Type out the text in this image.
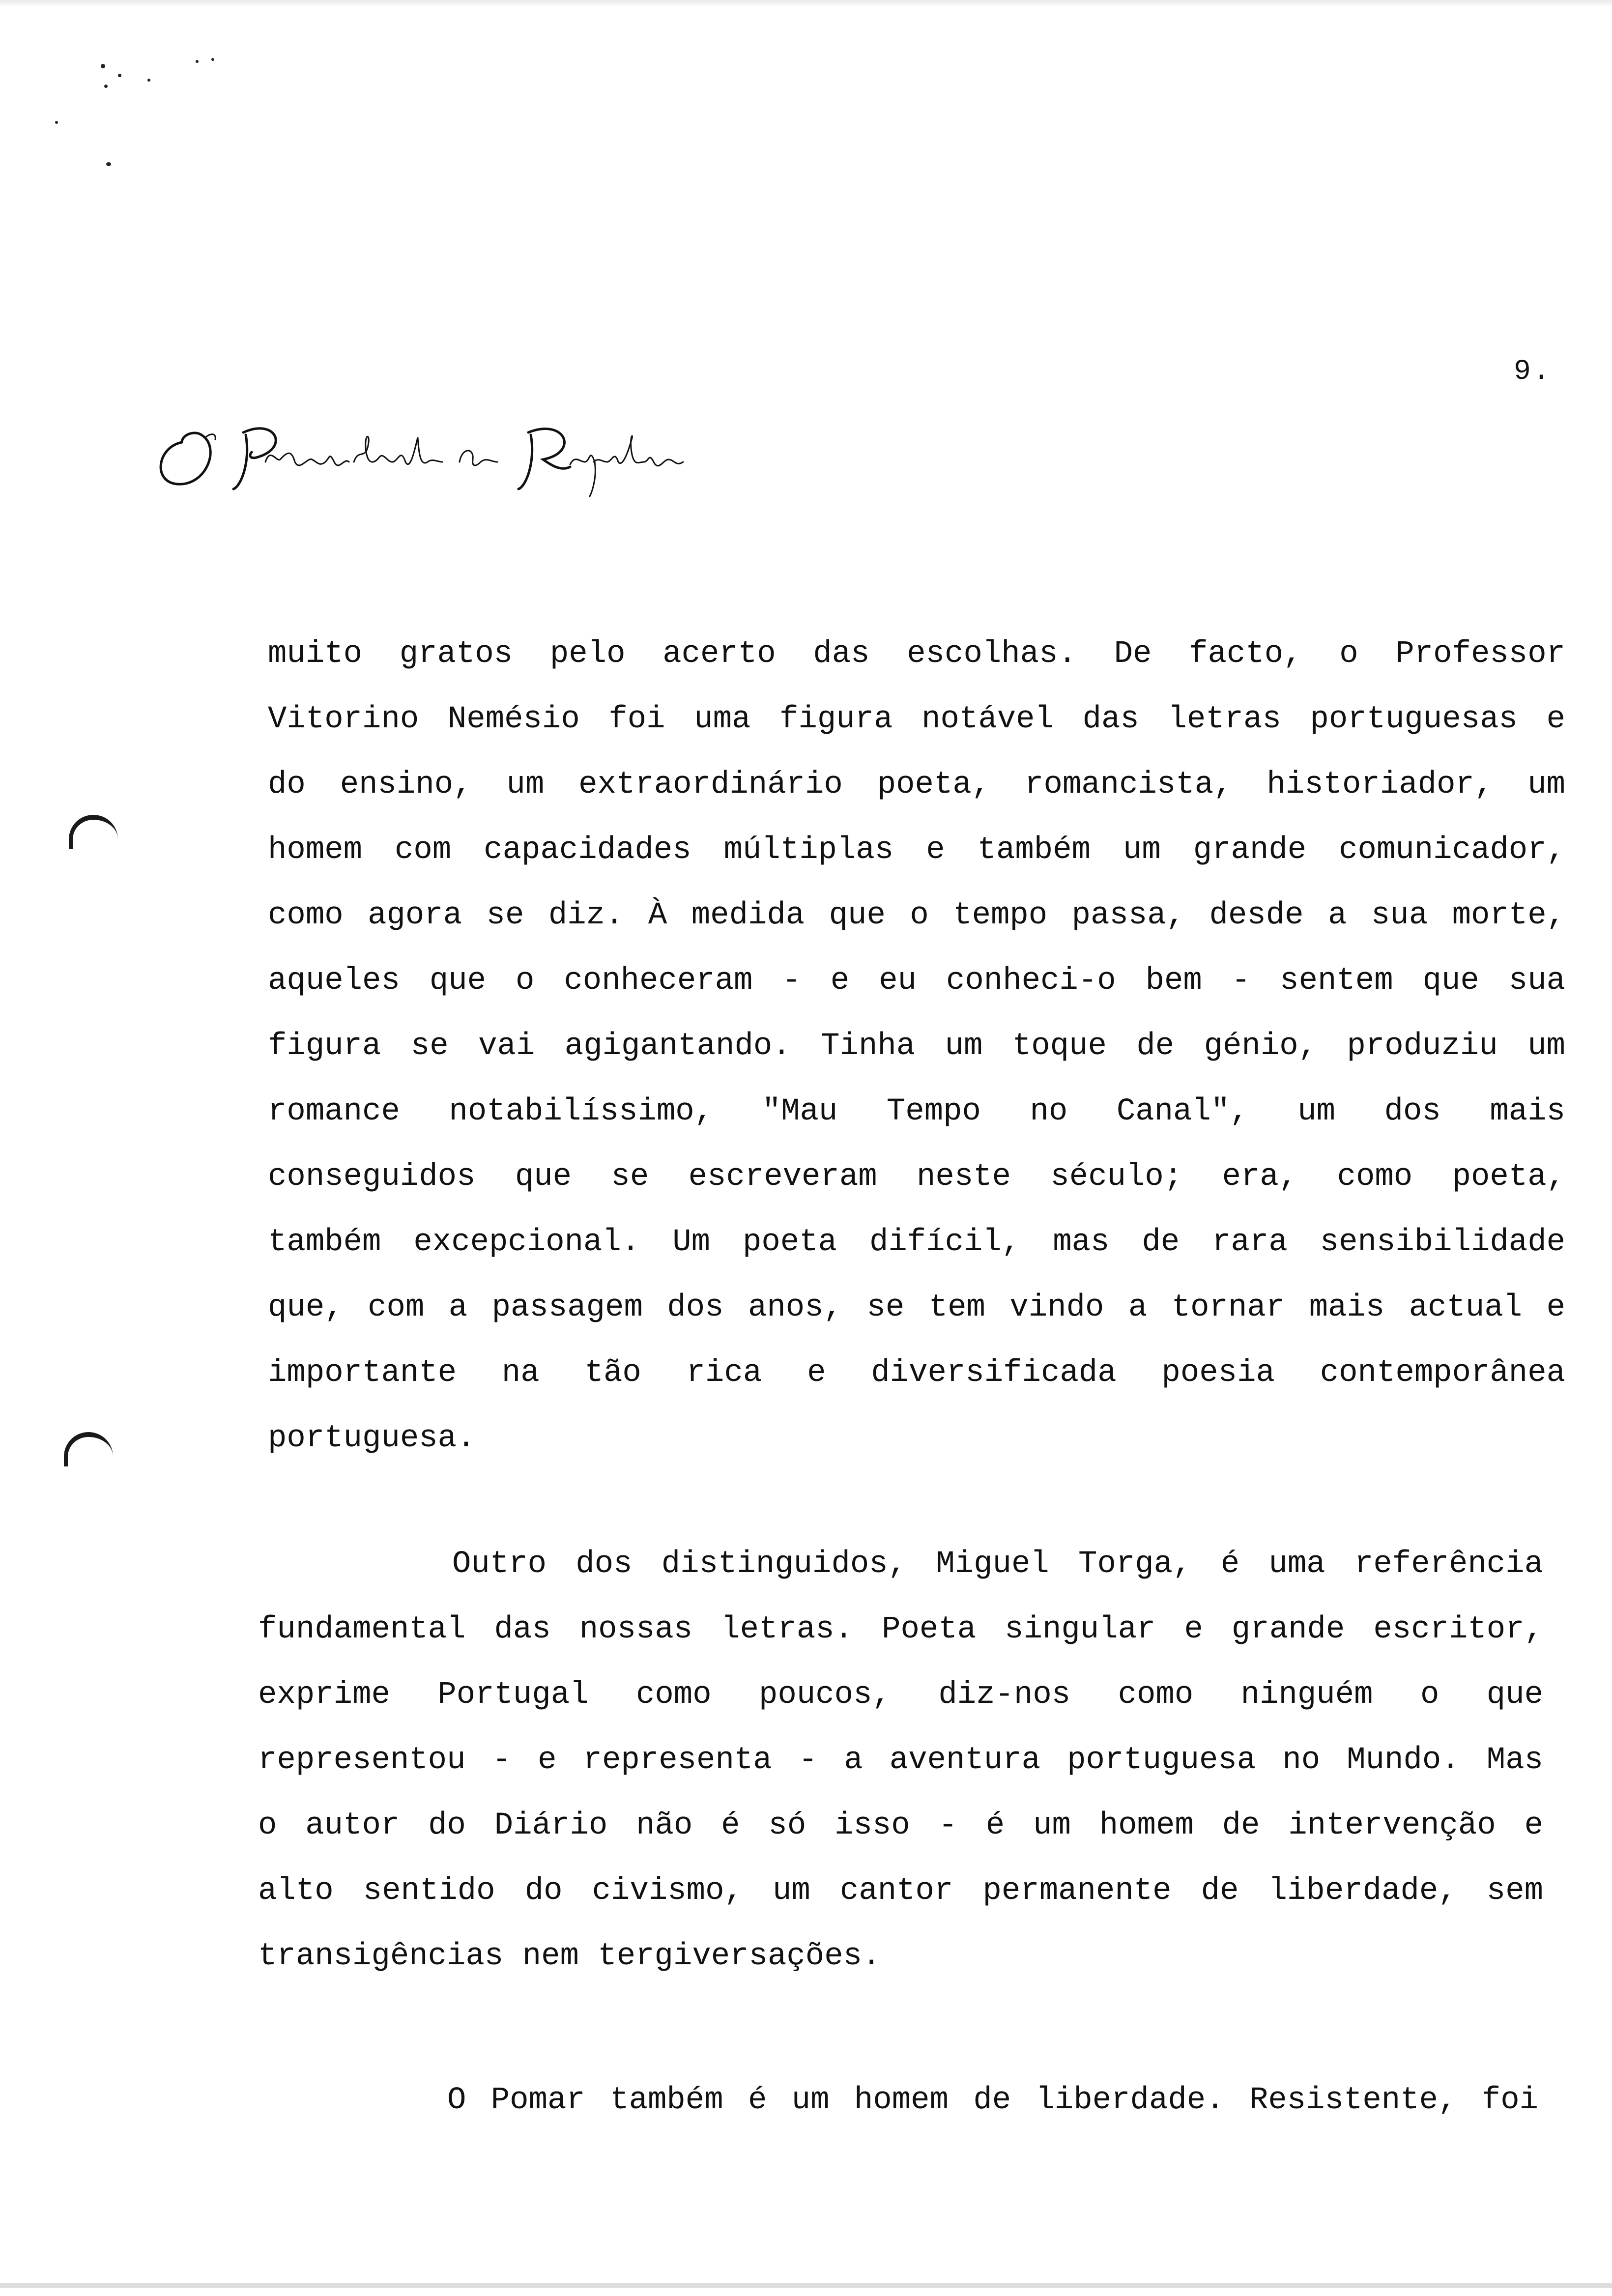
9.
muito gratos pelo acerto das escolhas. De facto, o Professor
Vitorino Nemésio foi uma figura notável das letras portuguesas e
do ensino, um extraordinário poeta, romancista, historiador, um
homem com capacidades múltiplas e também um grande comunicador,
como agora se diz. À medida que o tempo passa, desde a sua morte,
aqueles que o conheceram - e eu conheci-o bem - sentem que sua
figura se vai agigantando. Tinha um toque de génio, produziu um
romance notabilíssimo, "Mau Tempo no Canal", um dos mais
conseguidos que se escreveram neste século; era, como poeta,
também excepcional. Um poeta difícil, mas de rara sensibilidade
que, com a passagem dos anos, se tem vindo a tornar mais actual e
importante na tão rica e diversificada poesia contemporânea
portuguesa.
Outro dos distinguidos, Miguel Torga, é uma referência
fundamental das nossas letras. Poeta singular e grande escritor,
exprime Portugal como poucos, diz-nos como ninguém o que
representou - e representa - a aventura portuguesa no Mundo. Mas
o autor do Diário não é só isso - é um homem de intervenção e
alto sentido do civismo, um cantor permanente de liberdade, sem
transigências nem tergiversações.
O Pomar também é um homem de liberdade. Resistente, foi
